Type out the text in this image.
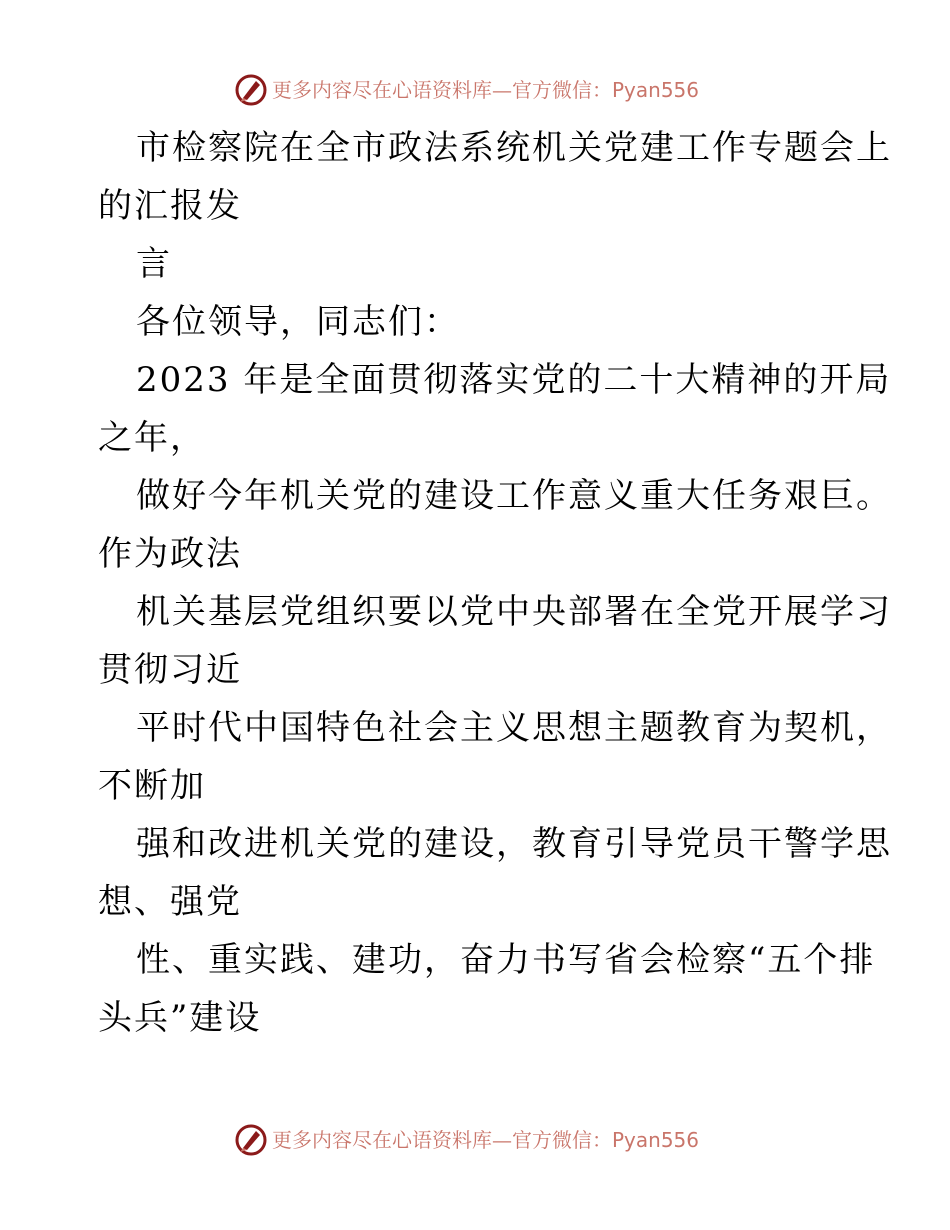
更多内容尽在心语资料库—官方微信：Pyan556
市检察院在全市政法系统机关党建工作专题会上
的汇报发
言
各位领导，同志们：
2023 年是全面贯彻落实党的二十大精神的开局
之年，
做好今年机关党的建设工作意义重大任务艰巨。
作为政法
机关基层党组织要以党中央部署在全党开展学习
贯彻习近
平时代中国特色社会主义思想主题教育为契机，
不断加
强和改进机关党的建设，教育引导党员干警学思
想、强党
性、重实践、建功，奋力书写省会检察“五个排
头兵”建设
更多内容尽在心语资料库—官方微信：Pyan556
